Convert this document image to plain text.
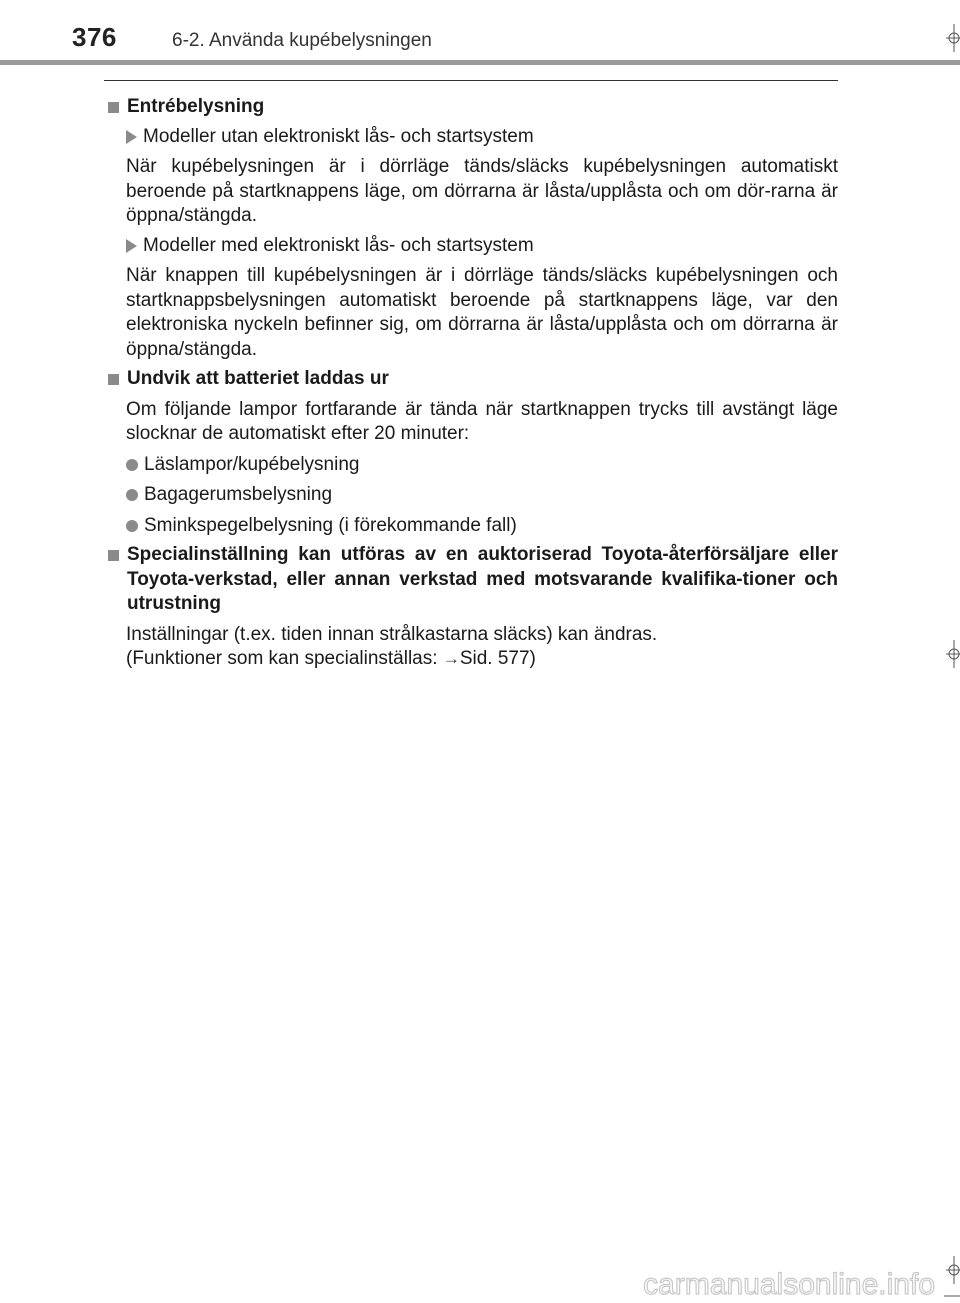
376	6-2. Använda kupébelysningen
Entrébelysning
Modeller utan elektroniskt lås- och startsystem
När kupébelysningen är i dörrläge tänds/släcks kupébelysningen automatiskt beroende på startknappens läge, om dörrarna är låsta/upplåsta och om dör-rarna är öppna/stängda.
Modeller med elektroniskt lås- och startsystem
När knappen till kupébelysningen är i dörrläge tänds/släcks kupébelysningen och startknappsbelysningen automatiskt beroende på startknappens läge, var den elektroniska nyckeln befinner sig, om dörrarna är låsta/upplåsta och om dörrarna är öppna/stängda.
Undvik att batteriet laddas ur
Om följande lampor fortfarande är tända när startknappen trycks till avstängt läge slocknar de automatiskt efter 20 minuter:
Läslampor/kupébelysning
Bagagerumsbelysning
Sminkspegelbelysning (i förekommande fall)
Specialinställning kan utföras av en auktoriserad Toyota-återförsäljare eller Toyota-verkstad, eller annan verkstad med motsvarande kvalifika-tioner och utrustning
Inställningar (t.ex. tiden innan strålkastarna släcks) kan ändras.
(Funktioner som kan specialinställas: →Sid. 577)
carmanualsonline.info
